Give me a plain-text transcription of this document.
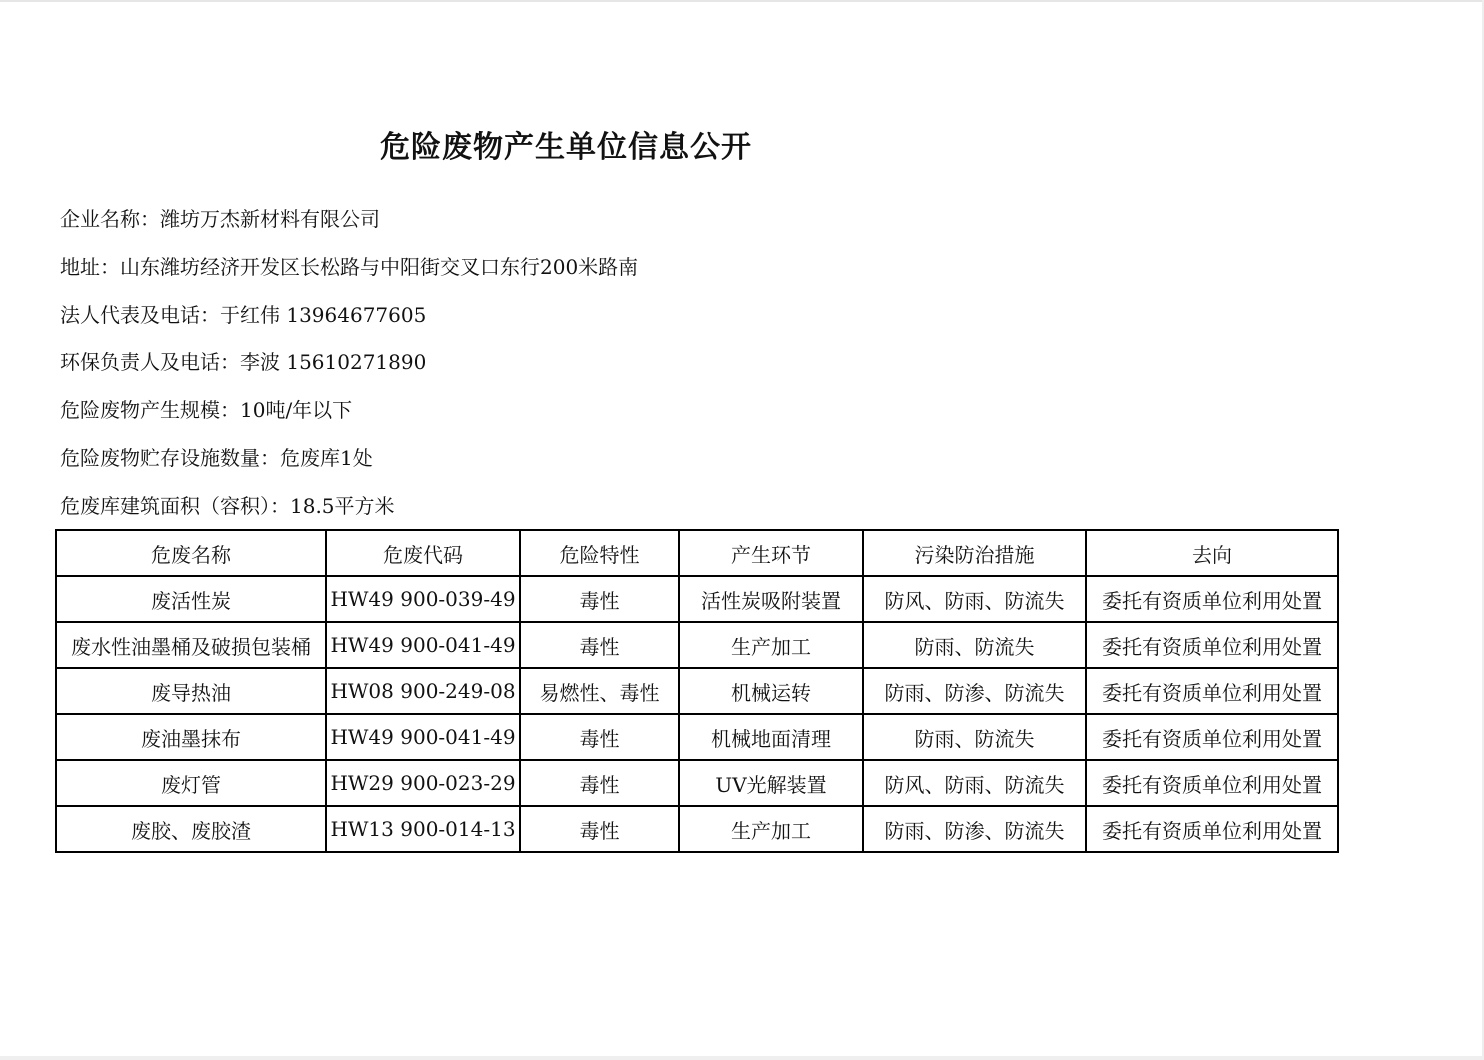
危险废物产生单位信息公开
企业名称：潍坊万杰新材料有限公司
地址：山东潍坊经济开发区长松路与中阳街交叉口东行200米路南
法人代表及电话：于红伟 13964677605
环保负责人及电话：李波 15610271890
危险废物产生规模：10吨/年以下
危险废物贮存设施数量：危废库1处
危废库建筑面积（容积）：18.5平方米
危废名称	危废代码	危险特性	产生环节	污染防治措施	去向
废活性炭	HW49 900-039-49	毒性	活性炭吸附装置	防风、防雨、防流失	委托有资质单位利用处置
废水性油墨桶及破损包装桶	HW49 900-041-49	毒性	生产加工	防雨、防流失	委托有资质单位利用处置
废导热油	HW08 900-249-08	易燃性、毒性	机械运转	防雨、防渗、防流失	委托有资质单位利用处置
废油墨抹布	HW49 900-041-49	毒性	机械地面清理	防雨、防流失	委托有资质单位利用处置
废灯管	HW29 900-023-29	毒性	UV光解装置	防风、防雨、防流失	委托有资质单位利用处置
废胶、废胶渣	HW13 900-014-13	毒性	生产加工	防雨、防渗、防流失	委托有资质单位利用处置
